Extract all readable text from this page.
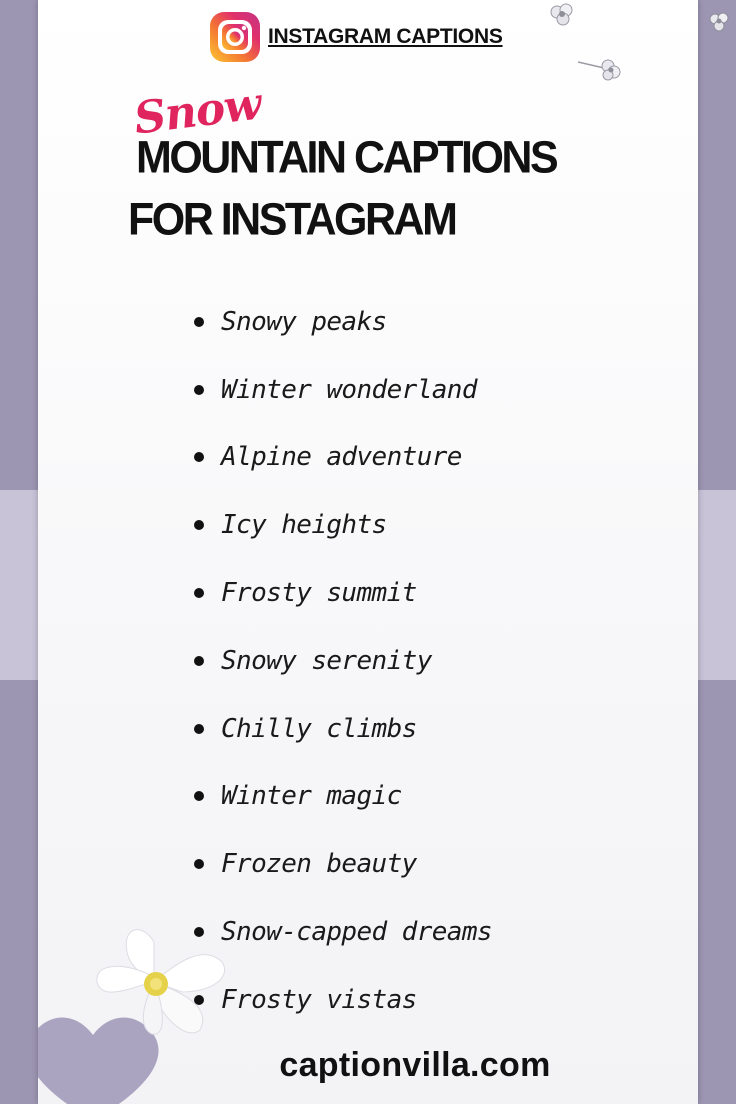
INSTAGRAM CAPTIONS
Snow
MOUNTAIN CAPTIONS
FOR INSTAGRAM
Snowy peaks
Winter wonderland
Alpine adventure
Icy heights
Frosty summit
Snowy serenity
Chilly climbs
Winter magic
Frozen beauty
Snow-capped dreams
Frosty vistas
captionvilla.com
